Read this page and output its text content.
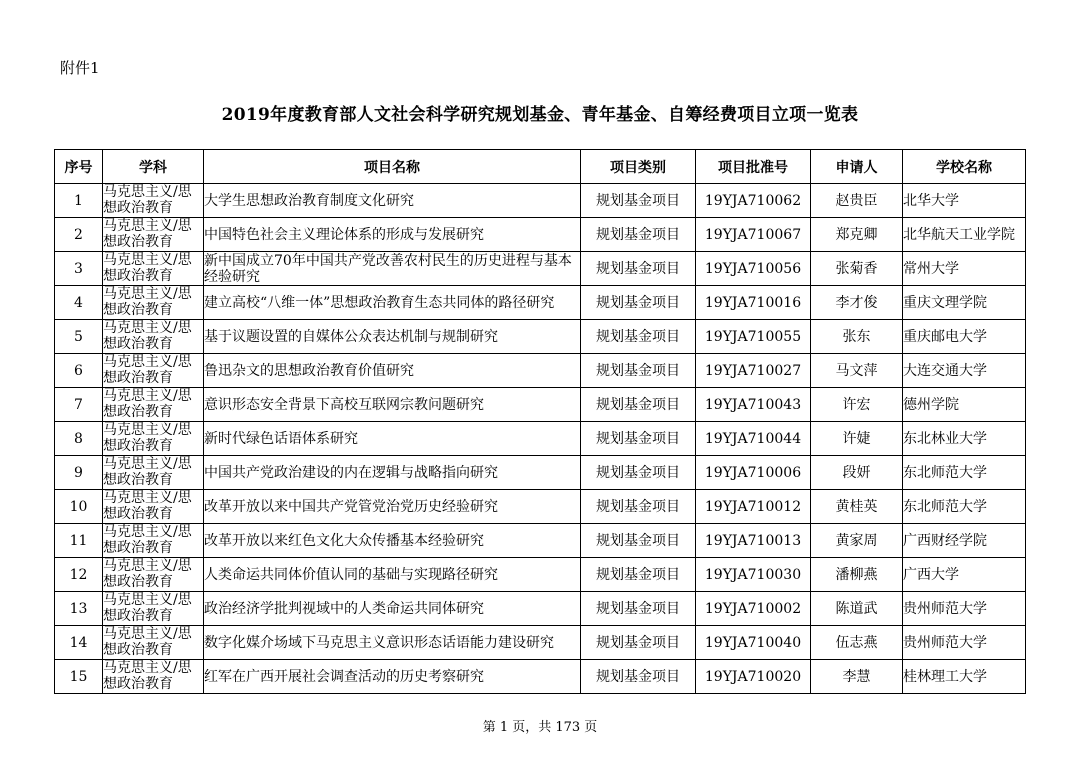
附件1
2019年度教育部人文社会科学研究规划基金、青年基金、自筹经费项目立项一览表
序号	学科	项目名称	项目类别	项目批准号	申请人	学校名称
1	马克思主义/思想政治教育	大学生思想政治教育制度文化研究	规划基金项目	19YJA710062	赵贵臣	北华大学
2	马克思主义/思想政治教育	中国特色社会主义理论体系的形成与发展研究	规划基金项目	19YJA710067	郑克卿	北华航天工业学院
3	马克思主义/思想政治教育	新中国成立70年中国共产党改善农村民生的历史进程与基本经验研究	规划基金项目	19YJA710056	张菊香	常州大学
4	马克思主义/思想政治教育	建立高校“八维一体”思想政治教育生态共同体的路径研究	规划基金项目	19YJA710016	李才俊	重庆文理学院
5	马克思主义/思想政治教育	基于议题设置的自媒体公众表达机制与规制研究	规划基金项目	19YJA710055	张东	重庆邮电大学
6	马克思主义/思想政治教育	鲁迅杂文的思想政治教育价值研究	规划基金项目	19YJA710027	马文萍	大连交通大学
7	马克思主义/思想政治教育	意识形态安全背景下高校互联网宗教问题研究	规划基金项目	19YJA710043	许宏	德州学院
8	马克思主义/思想政治教育	新时代绿色话语体系研究	规划基金项目	19YJA710044	许婕	东北林业大学
9	马克思主义/思想政治教育	中国共产党政治建设的内在逻辑与战略指向研究	规划基金项目	19YJA710006	段妍	东北师范大学
10	马克思主义/思想政治教育	改革开放以来中国共产党管党治党历史经验研究	规划基金项目	19YJA710012	黄桂英	东北师范大学
11	马克思主义/思想政治教育	改革开放以来红色文化大众传播基本经验研究	规划基金项目	19YJA710013	黄家周	广西财经学院
12	马克思主义/思想政治教育	人类命运共同体价值认同的基础与实现路径研究	规划基金项目	19YJA710030	潘柳燕	广西大学
13	马克思主义/思想政治教育	政治经济学批判视域中的人类命运共同体研究	规划基金项目	19YJA710002	陈道武	贵州师范大学
14	马克思主义/思想政治教育	数字化媒介场域下马克思主义意识形态话语能力建设研究	规划基金项目	19YJA710040	伍志燕	贵州师范大学
15	马克思主义/思想政治教育	红军在广西开展社会调查活动的历史考察研究	规划基金项目	19YJA710020	李慧	桂林理工大学
第 1 页，共 173 页
